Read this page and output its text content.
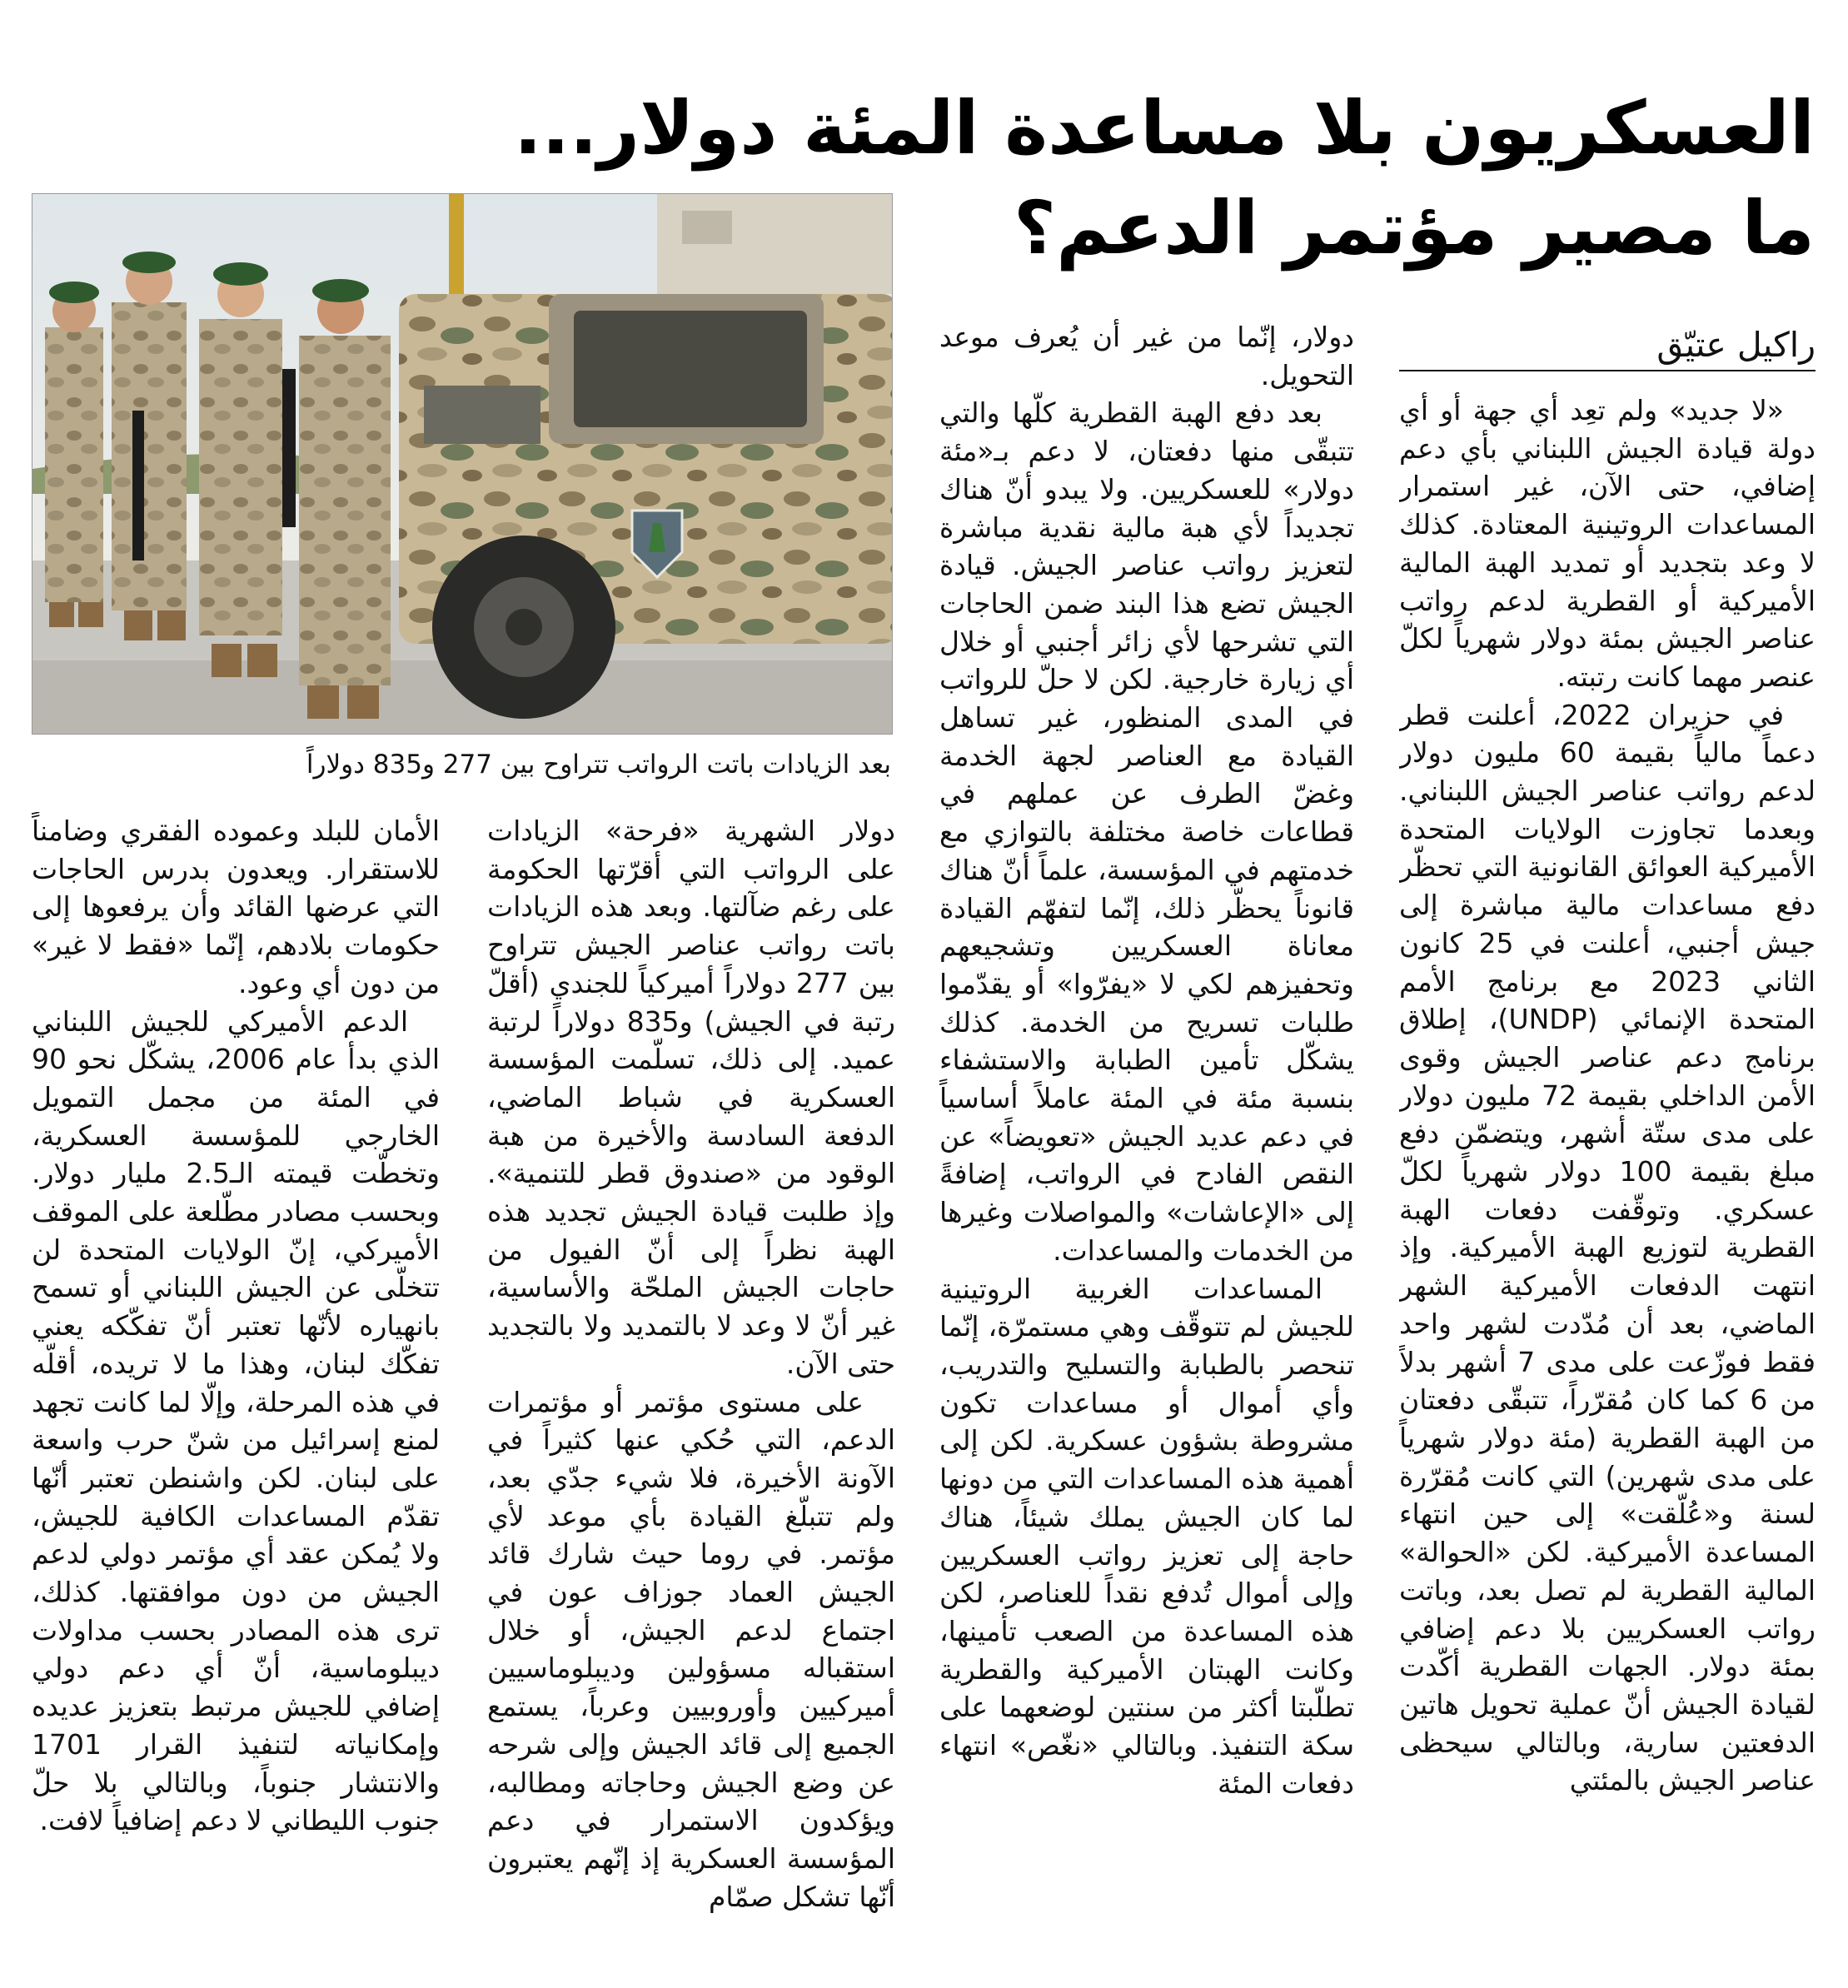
العسكريون بلا مساعدة المئة دولار...
ما مصير مؤتمر الدعم؟
بعد الزيادات باتت الرواتب تتراوح بين 277 و835 دولاراً
راكيل عتيّق

«لا جديد» ولم تعِد أي جهة أو أي دولة قيادة الجيش اللبناني بأي دعم إضافي، حتى الآن، غير استمرار المساعدات الروتينية المعتادة. كذلك لا وعد بتجديد أو تمديد الهبة المالية الأميركية أو القطرية لدعم رواتب عناصر الجيش بمئة دولار شهرياً لكلّ عنصر مهما كانت رتبته.

في حزيران 2022، أعلنت قطر دعماً مالياً بقيمة 60 مليون دولار لدعم رواتب عناصر الجيش اللبناني. وبعدما تجاوزت الولايات المتحدة الأميركية العوائق القانونية التي تحظّر دفع مساعدات مالية مباشرة إلى جيش أجنبي، أعلنت في 25 كانون الثاني 2023 مع برنامج الأمم المتحدة الإنمائي (UNDP)، إطلاق برنامج دعم عناصر الجيش وقوى الأمن الداخلي بقيمة 72 مليون دولار على مدى ستّة أشهر، ويتضمّن دفع مبلغ بقيمة 100 دولار شهرياً لكلّ عسكري. وتوقّفت دفعات الهبة القطرية لتوزيع الهبة الأميركية. وإذ انتهت الدفعات الأميركية الشهر الماضي، بعد أن مُدّدت لشهر واحد فقط فوزّعت على مدى 7 أشهر بدلاً من 6 كما كان مُقرّراً، تتبقّى دفعتان من الهبة القطرية (مئة دولار شهرياً على مدى شهرين) التي كانت مُقرّرة لسنة و«عُلّقت» إلى حين انتهاء المساعدة الأميركية. لكن «الحوالة» المالية القطرية لم تصل بعد، وباتت رواتب العسكريين بلا دعم إضافي بمئة دولار. الجهات القطرية أكّدت لقيادة الجيش أنّ عملية تحويل هاتين الدفعتين سارية، وبالتالي سيحظى عناصر الجيش بالمئتي

دولار، إنّما من غير أن يُعرف موعد التحويل.

بعد دفع الهبة القطرية كلّها والتي تتبقّى منها دفعتان، لا دعم بـ«مئة دولار» للعسكريين. ولا يبدو أنّ هناك تجديداً لأي هبة مالية نقدية مباشرة لتعزيز رواتب عناصر الجيش. قيادة الجيش تضع هذا البند ضمن الحاجات التي تشرحها لأي زائر أجنبي أو خلال أي زيارة خارجية. لكن لا حلّ للرواتب في المدى المنظور، غير تساهل القيادة مع العناصر لجهة الخدمة وغضّ الطرف عن عملهم في قطاعات خاصة مختلفة بالتوازي مع خدمتهم في المؤسسة، علماً أنّ هناك قانوناً يحظّر ذلك، إنّما لتفهّم القيادة معاناة العسكريين وتشجيعهم وتحفيزهم لكي لا «يفرّوا» أو يقدّموا طلبات تسريح من الخدمة. كذلك يشكّل تأمين الطبابة والاستشفاء بنسبة مئة في المئة عاملاً أساسياً في دعم عديد الجيش «تعويضاً» عن النقص الفادح في الرواتب، إضافةً إلى «الإعاشات» والمواصلات وغيرها من الخدمات والمساعدات.

المساعدات الغربية الروتينية للجيش لم تتوقّف وهي مستمرّة، إنّما تنحصر بالطبابة والتسليح والتدريب، وأي أموال أو مساعدات تكون مشروطة بشؤون عسكرية. لكن إلى أهمية هذه المساعدات التي من دونها لما كان الجيش يملك شيئاً، هناك حاجة إلى تعزيز رواتب العسكريين وإلى أموال تُدفع نقداً للعناصر، لكن هذه المساعدة من الصعب تأمينها، وكانت الهبتان الأميركية والقطرية تطلّبتا أكثر من سنتين لوضعهما على سكة التنفيذ. وبالتالي «نغّص» انتهاء دفعات المئة

دولار الشهرية «فرحة» الزيادات على الرواتب التي أقرّتها الحكومة على رغم ضآلتها. وبعد هذه الزيادات باتت رواتب عناصر الجيش تتراوح بين 277 دولاراً أميركياً للجندي (أقلّ رتبة في الجيش) و835 دولاراً لرتبة عميد. إلى ذلك، تسلّمت المؤسسة العسكرية في شباط الماضي، الدفعة السادسة والأخيرة من هبة الوقود من «صندوق قطر للتنمية». وإذ طلبت قيادة الجيش تجديد هذه الهبة نظراً إلى أنّ الفيول من حاجات الجيش الملحّة والأساسية، غير أنّ لا وعد لا بالتمديد ولا بالتجديد حتى الآن.

على مستوى مؤتمر أو مؤتمرات الدعم، التي حُكي عنها كثيراً في الآونة الأخيرة، فلا شيء جدّي بعد، ولم تتبلّغ القيادة بأي موعد لأي مؤتمر. في روما حيث شارك قائد الجيش العماد جوزاف عون في اجتماع لدعم الجيش، أو خلال استقباله مسؤولين وديبلوماسيين أميركيين وأوروبيين وعرباً، يستمع الجميع إلى قائد الجيش وإلى شرحه عن وضع الجيش وحاجاته ومطالبه، ويؤكدون الاستمرار في دعم المؤسسة العسكرية إذ إنّهم يعتبرون أنّها تشكل صمّام

الأمان للبلد وعموده الفقري وضامناً للاستقرار. ويعدون بدرس الحاجات التي عرضها القائد وأن يرفعوها إلى حكومات بلادهم، إنّما «فقط لا غير» من دون أي وعود.

الدعم الأميركي للجيش اللبناني الذي بدأ عام 2006، يشكّل نحو 90 في المئة من مجمل التمويل الخارجي للمؤسسة العسكرية، وتخطّت قيمته الـ2.5 مليار دولار. وبحسب مصادر مطّلعة على الموقف الأميركي، إنّ الولايات المتحدة لن تتخلّى عن الجيش اللبناني أو تسمح بانهياره لأنّها تعتبر أنّ تفكّكه يعني تفكّك لبنان، وهذا ما لا تريده، أقلّه في هذه المرحلة، وإلّا لما كانت تجهد لمنع إسرائيل من شنّ حرب واسعة على لبنان. لكن واشنطن تعتبر أنّها تقدّم المساعدات الكافية للجيش، ولا يُمكن عقد أي مؤتمر دولي لدعم الجيش من دون موافقتها. كذلك، ترى هذه المصادر بحسب مداولات ديبلوماسية، أنّ أي دعم دولي إضافي للجيش مرتبط بتعزيز عديده وإمكانياته لتنفيذ القرار 1701 والانتشار جنوباً، وبالتالي بلا حلّ جنوب الليطاني لا دعم إضافياً لافت.
